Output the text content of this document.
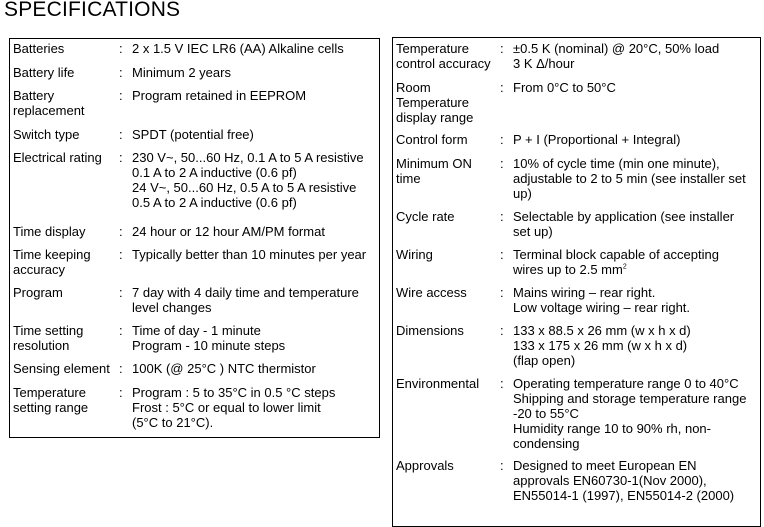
SPECIFICATIONS
Batteries	: 2 x 1.5 V IEC LR6 (AA) Alkaline cells
Battery life	: Minimum 2 years
Battery
replacement
: Program retained in EEPROM
Switch type	: SPDT (potential free)
Electrical rating : 230 V~, 50...60 Hz, 0.1 A to 5 A resistive
0.1 A to 2 A inductive (0.6 pf)
24 V~, 50...60 Hz, 0.5 A to 5 A resistive
0.5 A to 2 A inductive (0.6 pf)
Time display	: 24 hour or 12 hour AM/PM format
Time keeping
accuracy
: Typically better than 10 minutes per year
Program	: 7 day with 4 daily time and temperature
level changes
Time setting
resolution
: Time of day - 1 minute
Program - 10 minute steps
Sensing element : 100K (@ 25°C ) NTC thermistor
Temperature
setting range
: Program : 5 to 35°C in 0.5 °C steps
Frost : 5°C or equal to lower limit
(5°C to 21°C).
Temperature
control accuracy
: ±0.5 K (nominal) @ 20°C, 50% load
3 K Δ/hour
Room
Temperature
display range
: From 0°C to 50°C
Control form : P + I (Proportional + Integral)
Minimum ON
time
: 10% of cycle time (min one minute),
adjustable to 2 to 5 min (see installer set
up)
Cycle rate	: Selectable by application (see installer
set up)
Wiring	: Terminal block capable of accepting
wires up to 2.5 $mm^2$
Wire access	: Mains wiring – rear right.
Low voltage wiring – rear right.
Dimensions	: 133 x 88.5 x 26 mm (w x h x d)
133 x 175 x 26 mm (w x h x d)
(flap open)
Environmental : Operating temperature range 0 to 40°C
Shipping and storage temperature range
-20 to 55°C
Humidity range 10 to 90% rh, non-
condensing
Approvals	: Designed to meet European EN
approvals EN60730-1(Nov 2000),
EN55014-1 (1997), EN55014-2 (2000)
